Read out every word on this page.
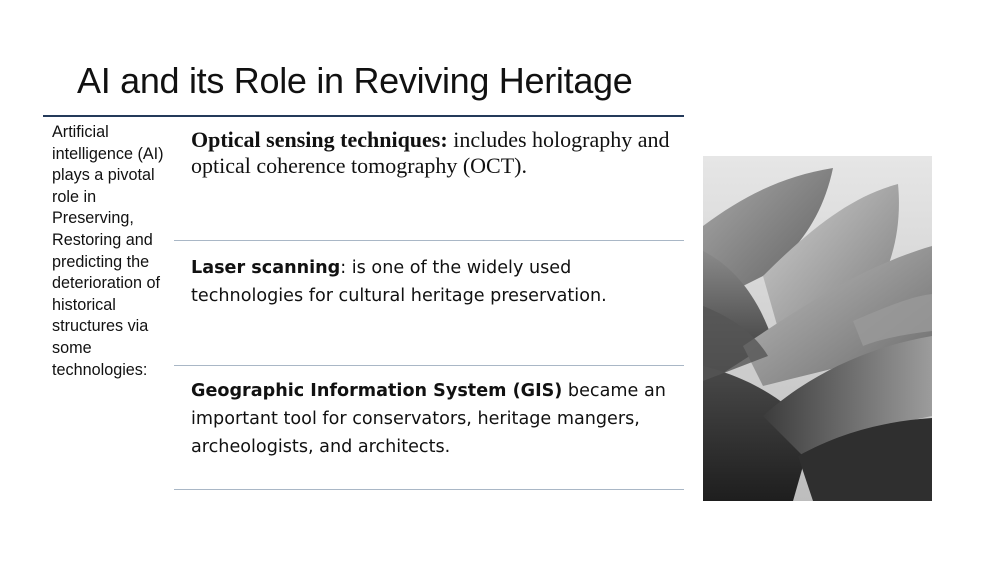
AI and its Role in Reviving Heritage
Artificial intelligence (AI) plays a pivotal role in Preserving, Restoring and predicting the deterioration of historical structures via some technologies:
Optical sensing techniques: includes holography and optical coherence tomography (OCT).
Laser scanning: is one of the widely used technologies for cultural heritage preservation.
Geographic Information System (GIS) became an important tool for conservators, heritage mangers, archeologists, and architects.
